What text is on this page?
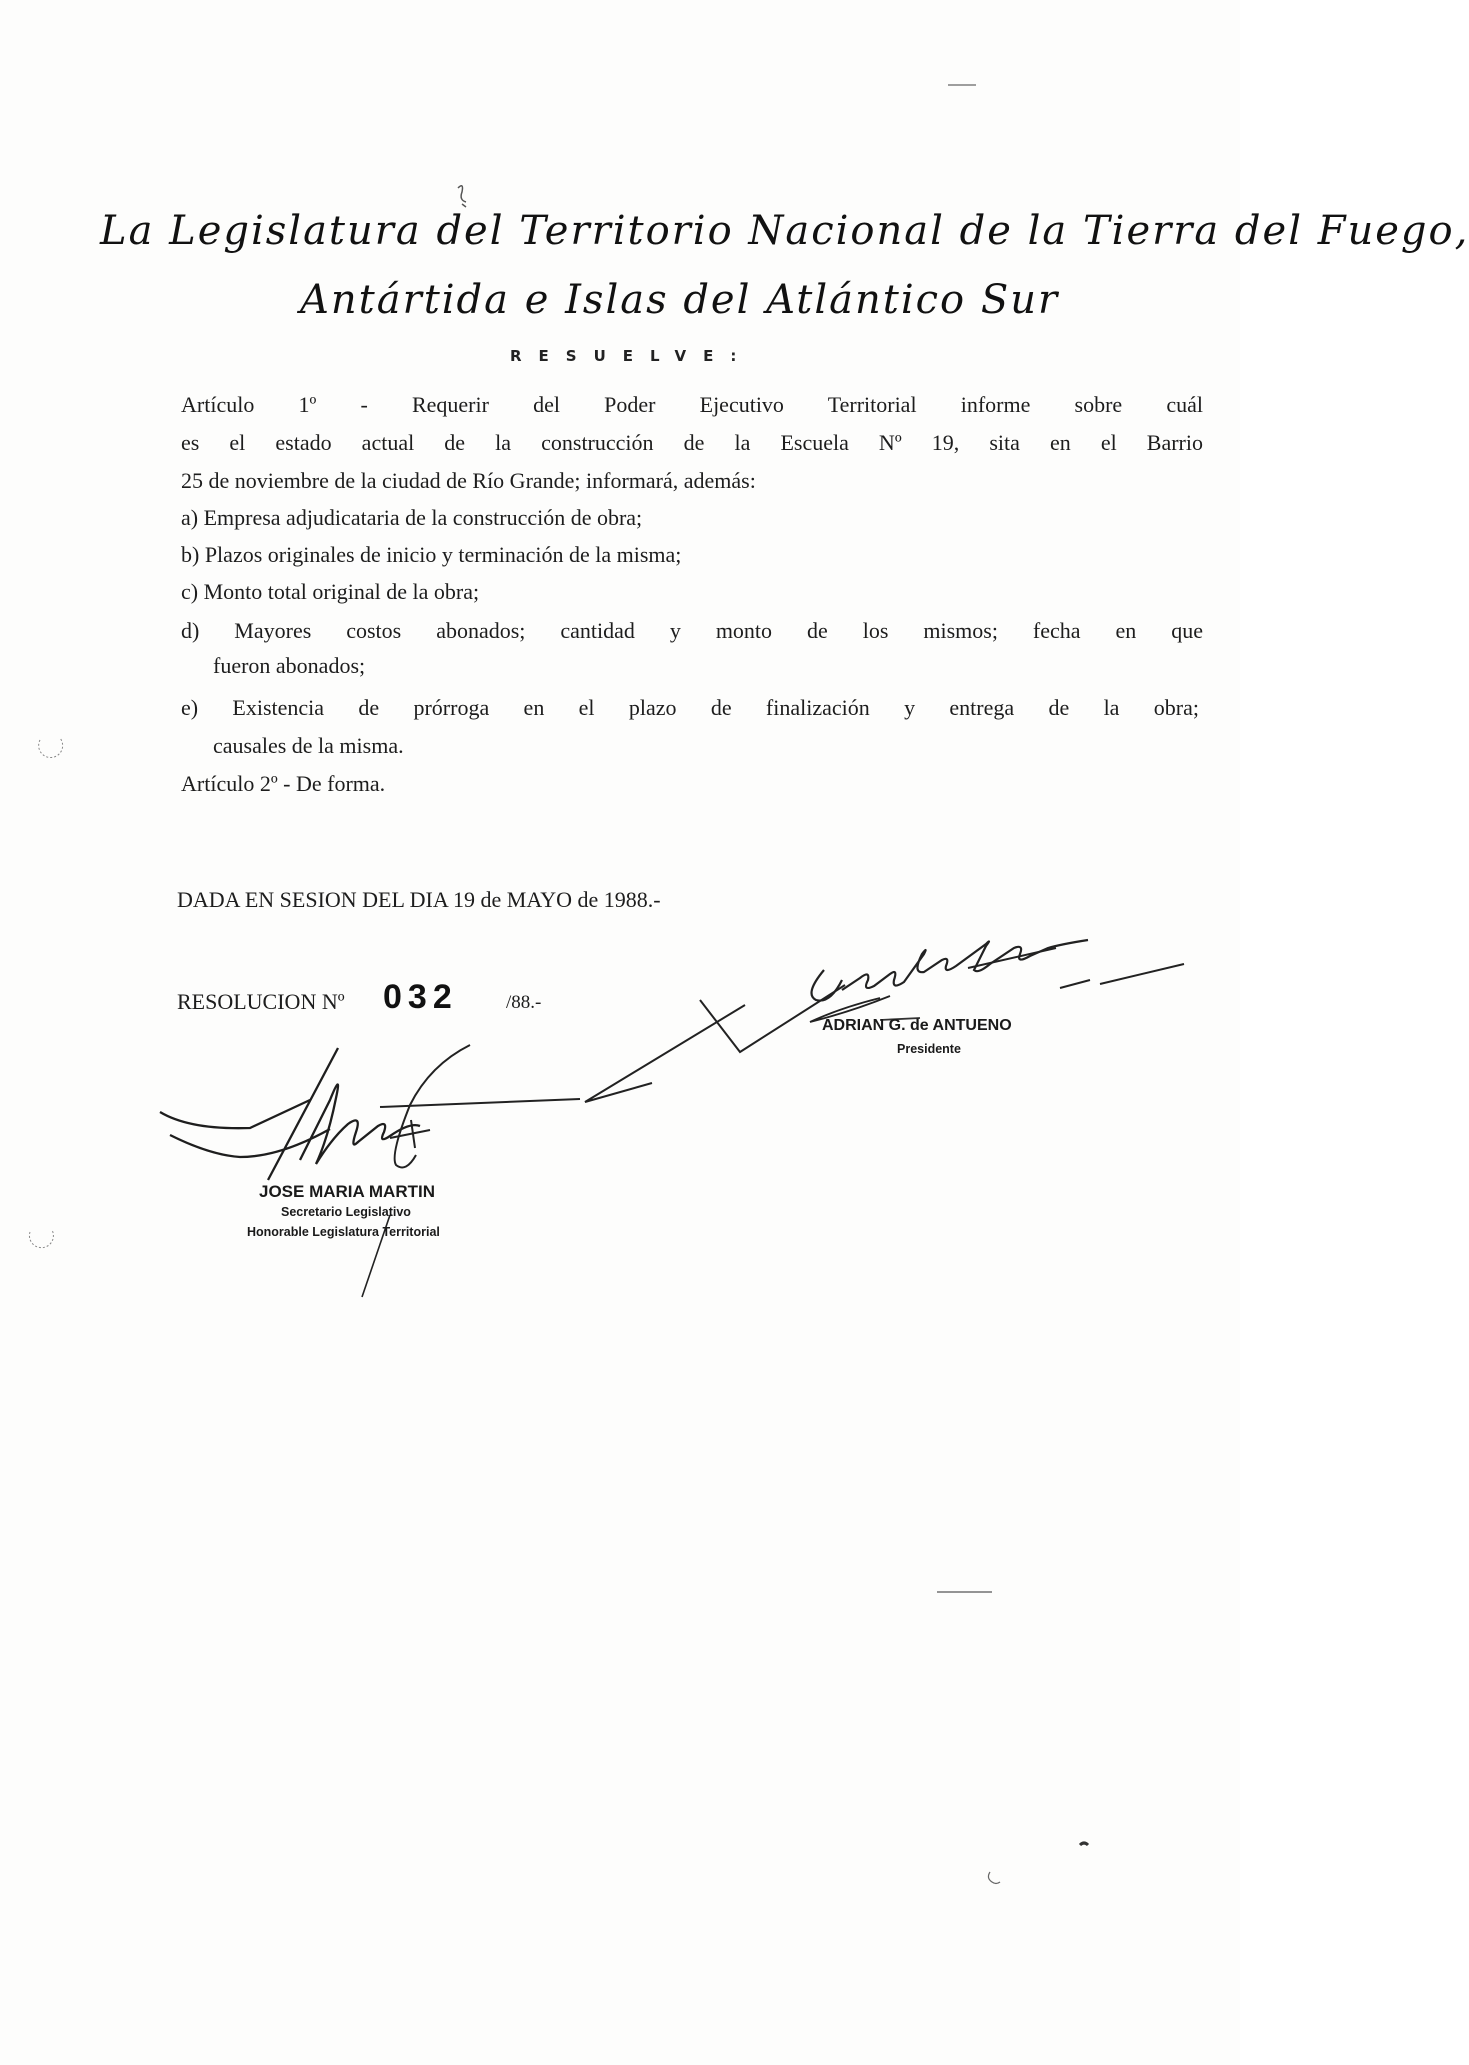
La Legislatura del Territorio Nacional de la Tierra del Fuego,
Antártida e Islas del Atlántico Sur
RESUELVE:
Artículo 1º - Requerir del Poder Ejecutivo Territorial informe sobre cuál
es el estado actual de la construcción de la Escuela Nº 19, sita en el Barrio
25 de noviembre de la ciudad de Río Grande; informará, además:
a) Empresa adjudicataria de la construcción de obra;
b) Plazos originales de inicio y terminación de la misma;
c) Monto total original de la obra;
d) Mayores costos abonados; cantidad y monto de los mismos; fecha en que
fueron abonados;
e) Existencia de prórroga en el plazo de finalización y entrega de la obra;
causales de la misma.
Artículo 2º - De forma.
DADA EN SESION DEL DIA 19 de MAYO de 1988.-
RESOLUCION Nº 032	/88.-
ADRIAN G. de ANTUENO
Presidente
JOSE MARIA MARTIN
Secretario Legislativo
Honorable Legislatura Territorial
